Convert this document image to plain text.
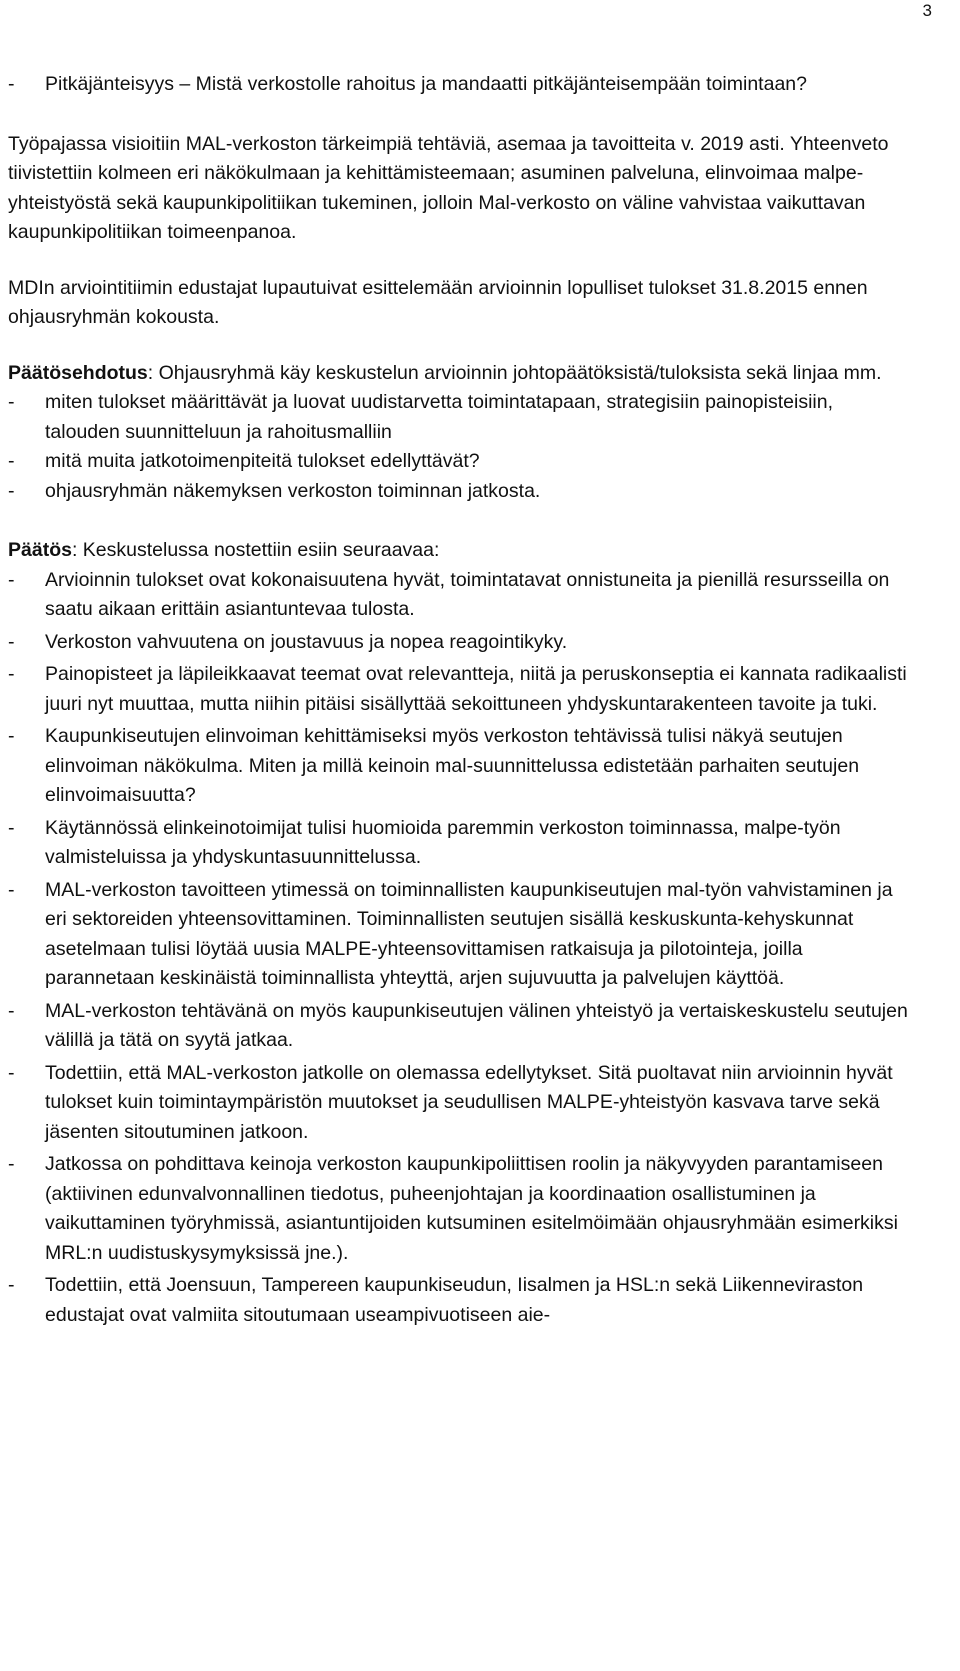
3
- Pitkäjänteisyys – Mistä verkostolle rahoitus ja mandaatti pitkäjänteisempään toimintaan?

Työpajassa visioitiin MAL-verkoston tärkeimpiä tehtäviä, asemaa ja tavoitteita v. 2019 asti. Yhteenveto tiivistettiin kolmeen eri näkökulmaan ja kehittämisteemaan; asuminen palveluna, elinvoimaa malpe-yhteistyöstä sekä kaupunkipolitiikan tukeminen, jolloin Mal-verkosto on väline vahvistaa vaikuttavan kaupunkipolitiikan toimeenpanoa.

MDIn arviointitiimin edustajat lupautuivat esittelemään arvioinnin lopulliset tulokset 31.8.2015 ennen ohjausryhmän kokousta.

Päätösehdotus: Ohjausryhmä käy keskustelun arvioinnin johtopäätöksistä/tuloksista sekä linjaa mm.

- miten tulokset määrittävät ja luovat uudistarvetta toimintatapaan, strategisiin painopisteisiin, talouden suunnitteluun ja rahoitusmalliin
- mitä muita jatkotoimenpiteitä tulokset edellyttävät?
- ohjausryhmän näkemyksen verkoston toiminnan jatkosta.

Päätös: Keskustelussa nostettiin esiin seuraavaa:

- Arvioinnin tulokset ovat kokonaisuutena hyvät, toimintatavat onnistuneita ja pienillä resursseilla on saatu aikaan erittäin asiantuntevaa tulosta.
- Verkoston vahvuutena on joustavuus ja nopea reagointikyky.
- Painopisteet ja läpileikkaavat teemat ovat relevantteja, niitä ja peruskonseptia ei kannata radikaalisti juuri nyt muuttaa, mutta niihin pitäisi sisällyttää sekoittuneen yhdyskuntarakenteen tavoite ja tuki.
- Kaupunkiseutujen elinvoiman kehittämiseksi myös verkoston tehtävissä tulisi näkyä seutujen elinvoiman näkökulma. Miten ja millä keinoin mal-suunnittelussa edistetään parhaiten seutujen elinvoimaisuutta?
- Käytännössä elinkeinotoimijat tulisi huomioida paremmin verkoston toiminnassa, malpe-työn valmisteluissa ja yhdyskuntasuunnittelussa.
- MAL-verkoston tavoitteen ytimessä on toiminnallisten kaupunkiseutujen mal-työn vahvistaminen ja eri sektoreiden yhteensovittaminen. Toiminnallisten seutujen sisällä keskuskunta-kehyskunnat asetelmaan tulisi löytää uusia MALPE-yhteensovittamisen ratkaisuja ja pilotointeja, joilla parannetaan keskinäistä toiminnallista yhteyttä, arjen sujuvuutta ja palvelujen käyttöä.
- MAL-verkoston tehtävänä on myös kaupunkiseutujen välinen yhteistyö ja vertaiskeskustelu seutujen välillä ja tätä on syytä jatkaa.
- Todettiin, että MAL-verkoston jatkolle on olemassa edellytykset. Sitä puoltavat niin arvioinnin hyvät tulokset kuin toimintaympäristön muutokset ja seudullisen MALPE-yhteistyön kasvava tarve sekä jäsenten sitoutuminen jatkoon.
- Jatkossa on pohdittava keinoja verkoston kaupunkipoliittisen roolin ja näkyvyyden parantamiseen (aktiivinen edunvalvonnallinen tiedotus, puheenjohtajan ja koordinaation osallistuminen ja vaikuttaminen työryhmissä, asiantuntijoiden kutsuminen esitelmöimään ohjausryhmään esimerkiksi MRL:n uudistuskysymyksissä jne.).
- Todettiin, että Joensuun, Tampereen kaupunkiseudun, Iisalmen ja HSL:n sekä Liikenneviraston edustajat ovat valmiita sitoutumaan useampivuotiseen aie-
